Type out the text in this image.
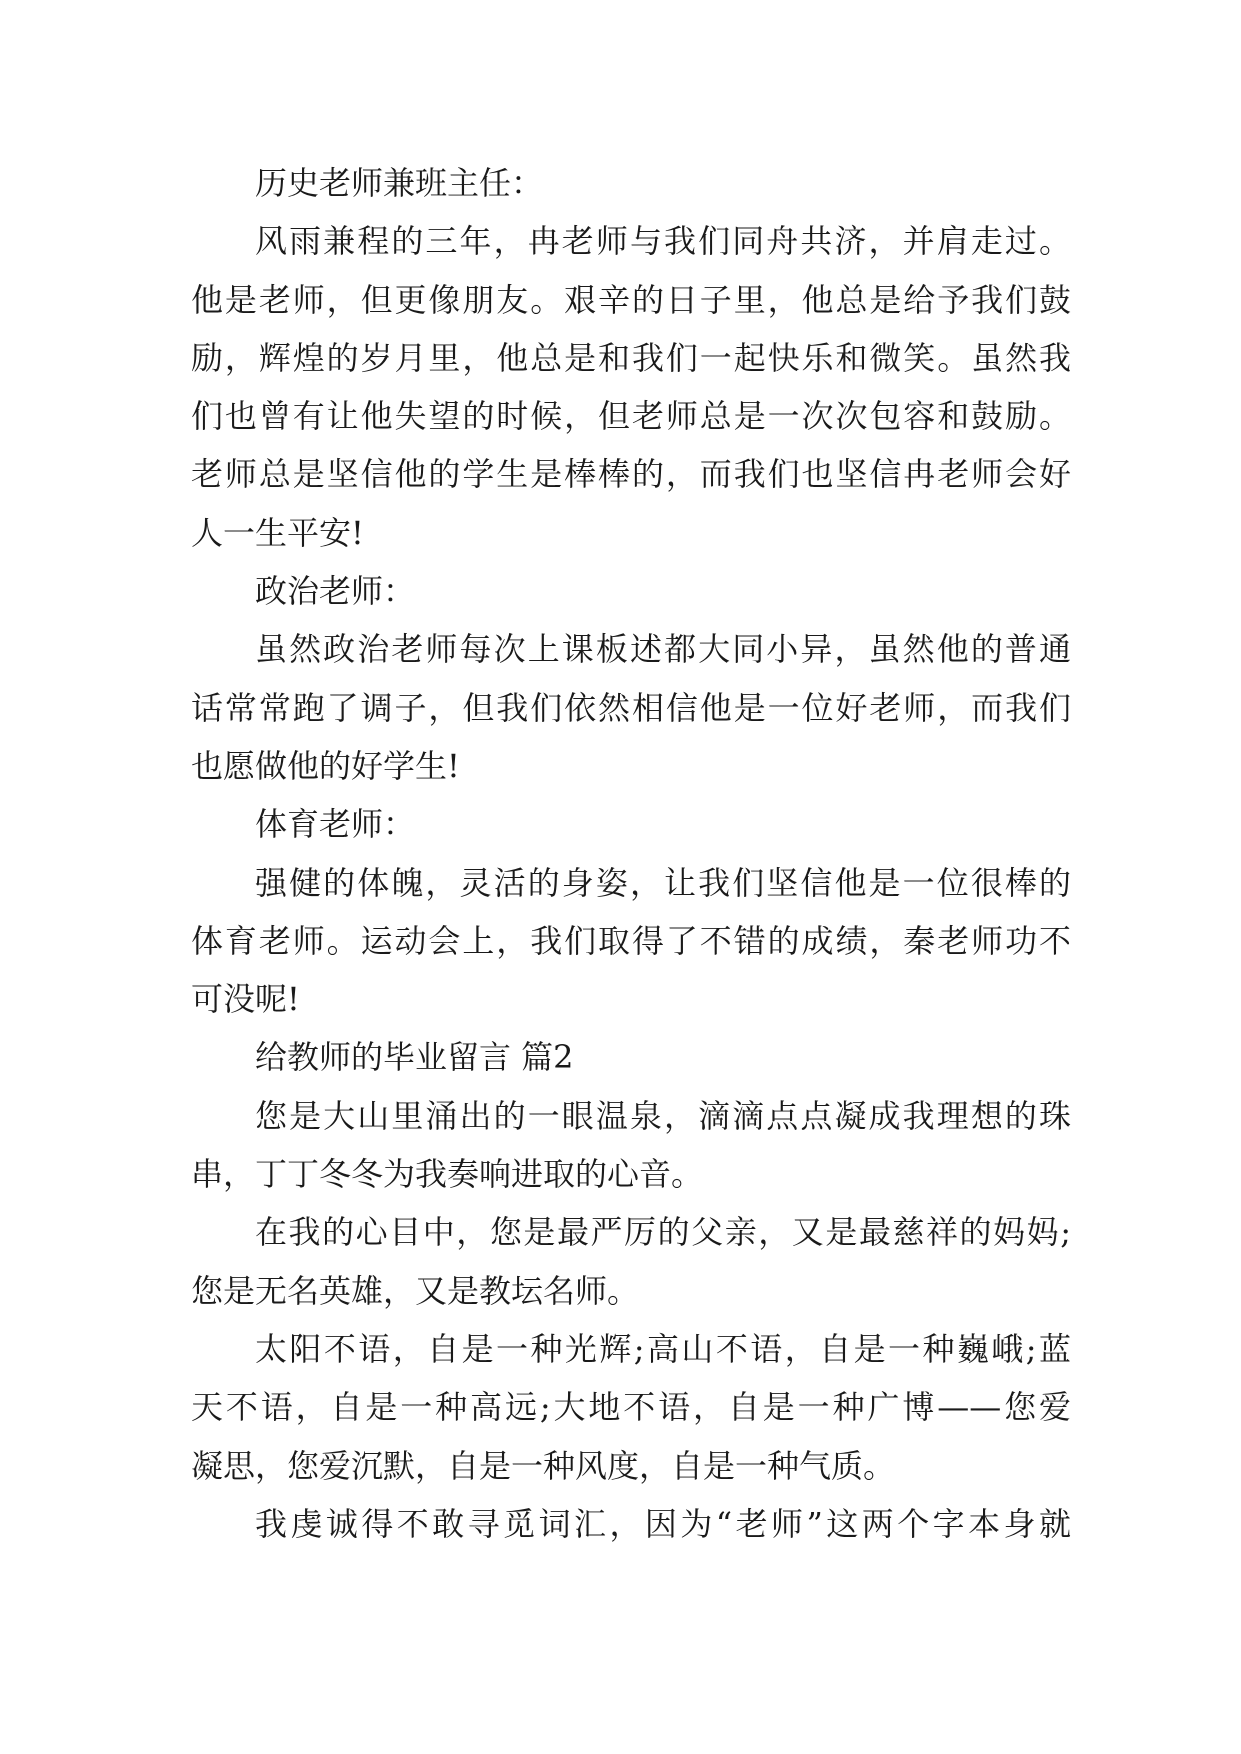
历史老师兼班主任：
风雨兼程的三年，冉老师与我们同舟共济，并肩走过。
他是老师，但更像朋友。艰辛的日子里，他总是给予我们鼓
励，辉煌的岁月里，他总是和我们一起快乐和微笑。虽然我
们也曾有让他失望的时候，但老师总是一次次包容和鼓励。
老师总是坚信他的学生是棒棒的，而我们也坚信冉老师会好
人一生平安!
政治老师：
虽然政治老师每次上课板述都大同小异，虽然他的普通
话常常跑了调子，但我们依然相信他是一位好老师，而我们
也愿做他的好学生!
体育老师：
强健的体魄，灵活的身姿，让我们坚信他是一位很棒的
体育老师。运动会上，我们取得了不错的成绩，秦老师功不
可没呢!
给教师的毕业留言 篇2
您是大山里涌出的一眼温泉，滴滴点点凝成我理想的珠
串，丁丁冬冬为我奏响进取的心音。
在我的心目中，您是最严厉的父亲，又是最慈祥的妈妈;
您是无名英雄，又是教坛名师。
太阳不语，自是一种光辉;高山不语，自是一种巍峨;蓝
天不语，自是一种高远;大地不语，自是一种广博——您爱
凝思，您爱沉默，自是一种风度，自是一种气质。
我虔诚得不敢寻觅词汇，因为“老师”这两个字本身就
